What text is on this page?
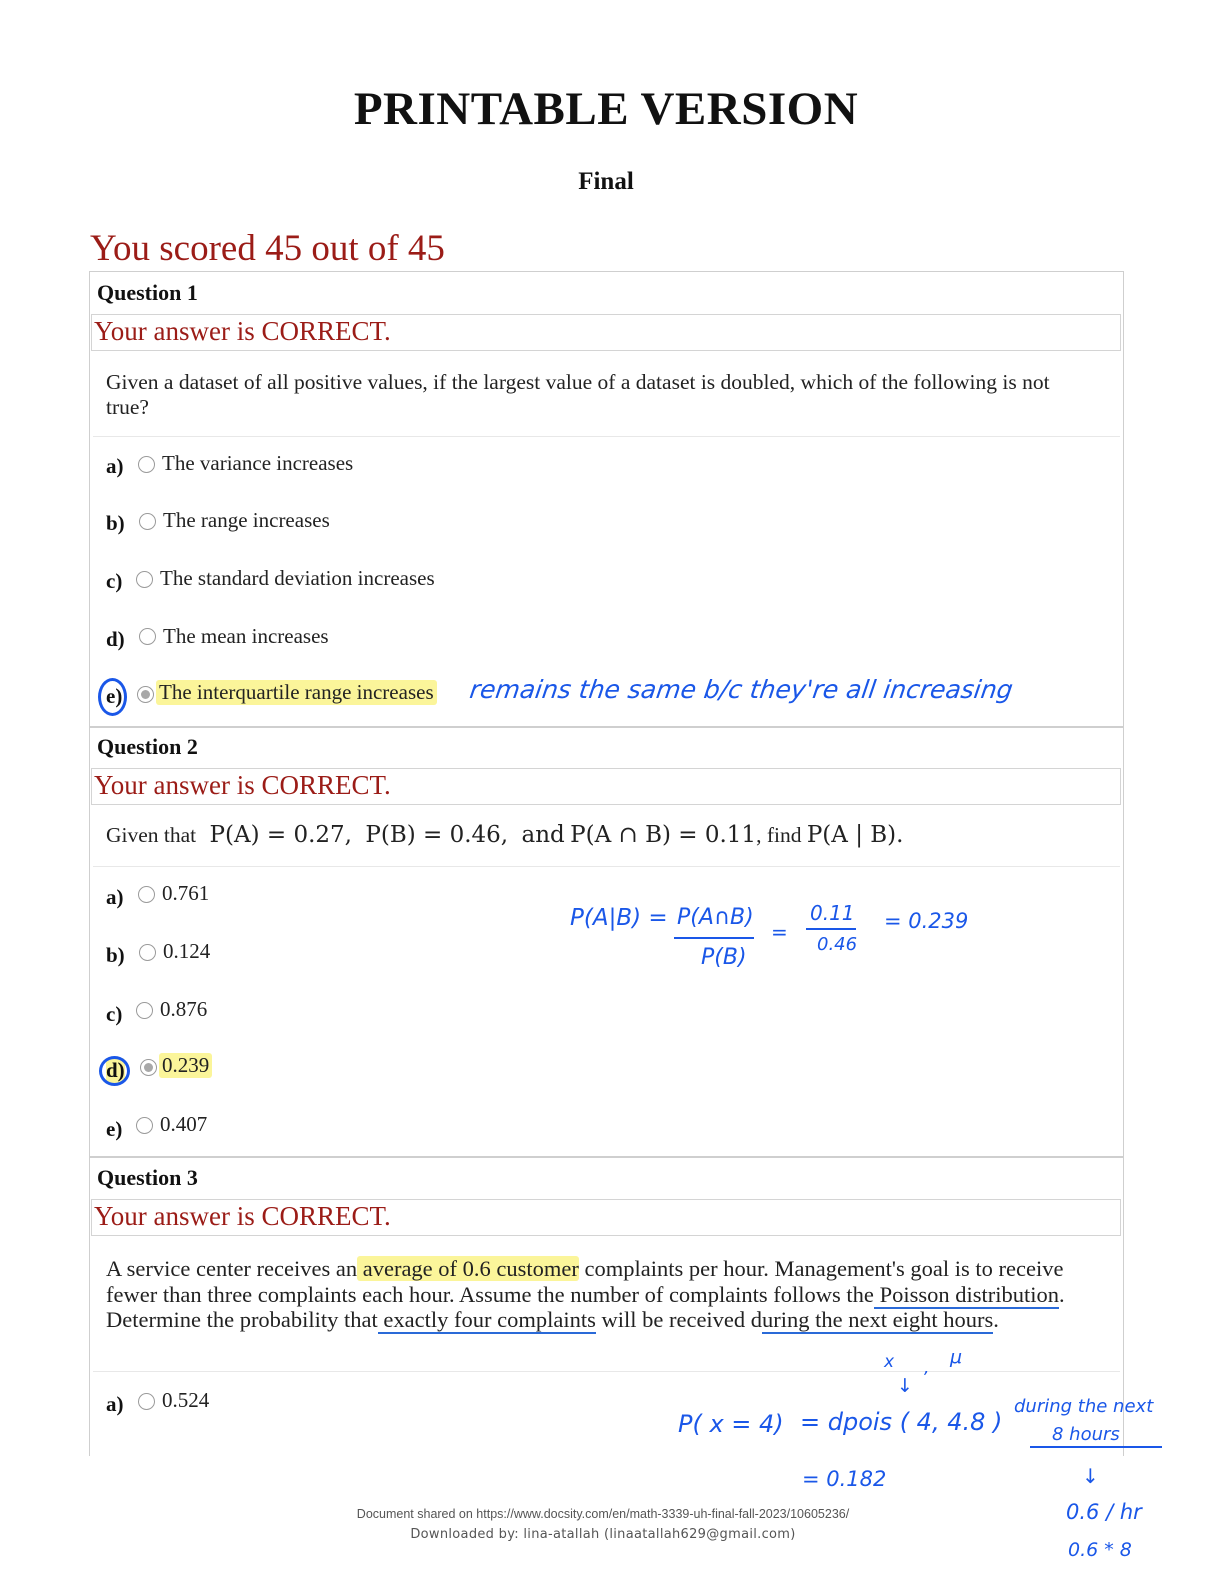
PRINTABLE VERSION
Final
You scored 45 out of 45
Question 1
Your answer is CORRECT.
Given a dataset of all positive values, if the largest value of a dataset is doubled, which of the following is not true?
a) The variance increases
b) The range increases
c) The standard deviation increases
d) The mean increases
e) The interquartile range increases remains the same b/c they're all increasing
Question 2
Your answer is CORRECT.
Given that P(A) = 0.27, P(B) = 0.46, and P(A ∩ B) = 0.11, find P(A | B).
a) 0.761
b) 0.124
c) 0.876
d) 0.239
e) 0.407
P(A|B) = P(A∩B)
P(B)
=
0.11
0.46
= 0.239
Question 3
Your answer is CORRECT.
A service center receives an average of 0.6 customer complaints per hour. Management's goal is to receive fewer than three complaints each hour. Assume the number of complaints follows the Poisson distribution. Determine the probability that exactly four complaints will be received during the next eight hours.
a) 0.524
x , μ
↓
P( x = 4) = dpois ( 4, 4.8 )
= 0.182
during the next
8 hours
↓
0.6 / hr
0.6 * 8
Document shared on https://www.docsity.com/en/math-3339-uh-final-fall-2023/10605236/
Downloaded by: lina-atallah (linaatallah629@gmail.com)
